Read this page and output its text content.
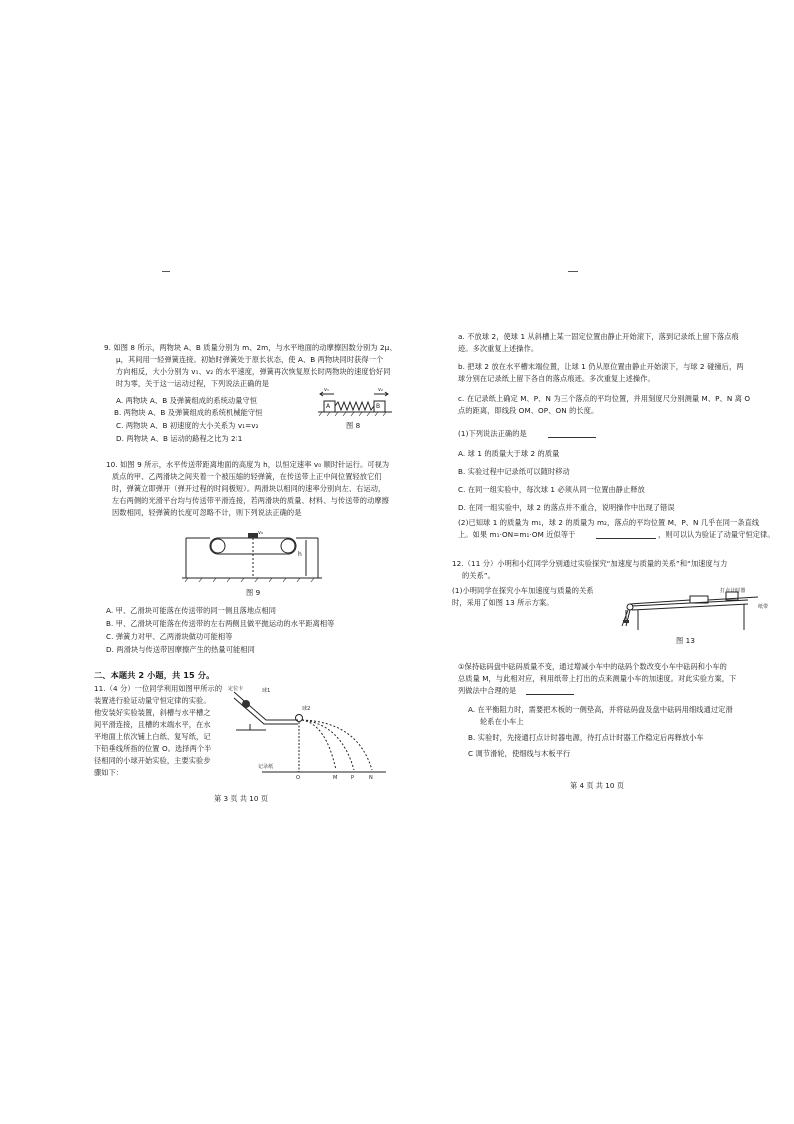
9. 如图 8 所示，两物块 A、B 质量分别为 m、2m，与水平地面的动摩擦因数分别为 2μ、
μ，其间用一轻弹簧连接。初始时弹簧处于原长状态，使 A、B 两物块同时获得一个
方向相反，大小分别为 v₁、v₂ 的水平速度，弹簧再次恢复原长时两物块的速度恰好同
时为零，关于这一运动过程，下列说法正确的是
A. 两物块 A、B 及弹簧组成的系统动量守恒
B. 两物块 A、B 及弹簧组成的系统机械能守恒
C. 两物块 A、B 初速度的大小关系为 v₁=v₂
D. 两物块 A、B 运动的路程之比为 2∶1
A	B
v₁	v₂
图 8
10. 如图 9 所示，水平传送带距离地面的高度为 h，以恒定速率 v₀ 顺时针运行。可视为
质点的甲、乙两滑块之间夹着一个被压缩的轻弹簧，在传送带上正中间位置轻放它们
时，弹簧立即弹开（弹开过程的时间极短）。两滑块以相同的速率分别向左、右运动，
左右两侧的光滑平台均与传送带平滑连接，若两滑块的质量、材料、与传送带的动摩擦
因数相同，轻弹簧的长度可忽略不计，则下列说法正确的是
v₀
h
图 9
A. 甲、乙滑块可能落在传送带的同一侧且落地点相同
B. 甲、乙滑块可能落在传送带的左右两侧且做平抛运动的水平距离相等
C. 弹簧力对甲、乙两滑块做功可能相等
D. 两滑块与传送带因摩擦产生的热量可能相同
二、本题共 2 小题，共 15 分。
11.（4 分）一位同学利用如图甲所示的
装置进行验证动量守恒定律的实验。
他安装好实验装置，斜槽与水平槽之
间平滑连接，且槽的末端水平，在水
平地面上依次铺上白纸、复写纸，记
下铅垂线所指的位置 O。选择两个半
径相同的小球开始实验，主要实验步
骤如下：
定位卡	球1
球2
记录纸
O	M	P	N
第 3 页 共 10 页
a. 不放球 2，使球 1 从斜槽上某一固定位置由静止开始滚下，落到记录纸上留下落点痕
迹。多次重复上述操作。
b. 把球 2 放在水平槽末端位置，让球 1 仍从原位置由静止开始滚下，与球 2 碰撞后，两
球分别在记录纸上留下各自的落点痕迹。多次重复上述操作。
c. 在记录纸上确定 M、P、N 为三个落点的平均位置，并用刻度尺分别测量 M、P、N 离 O
点的距离，即线段 OM、OP、ON 的长度。
(1)下列说法正确的是
A. 球 1 的质量大于球 2 的质量
B. 实验过程中记录纸可以随时移动
C. 在同一组实验中，每次球 1 必须从同一位置由静止释放
D. 在同一组实验中，球 2 的落点并不重合，说明操作中出现了错误
(2)已知球 1 的质量为 m₁，球 2 的质量为 m₂，落点的平均位置 M、P、N 几乎在同一条直线
上。如果 m₁·ON=m₁·OM 近似等于	，则可以认为验证了动量守恒定律。
12.（11 分）小明和小红同学分别通过实验探究“加速度与质量的关系”和“加速度与力
的关系”。
(1)小明同学在探究小车加速度与质量的关系
时，采用了如图 13 所示方案。
打点计时器
纸带
图 13
①保持砝码盘中砝码质量不变，通过增减小车中的砝码个数改变小车中砝码和小车的
总质量 M，与此相对应，利用纸带上打出的点来测量小车的加速度。对此实验方案，下
列做法中合理的是
A. 在平衡阻力时，需要把木板的一侧垫高，并将砝码盘及盘中砝码用细线通过定滑
轮系在小车上
B. 实验时，先接通打点计时器电源，待打点计时器工作稳定后再释放小车
C 调节滑轮，使细线与木板平行
第 4 页 共 10 页
